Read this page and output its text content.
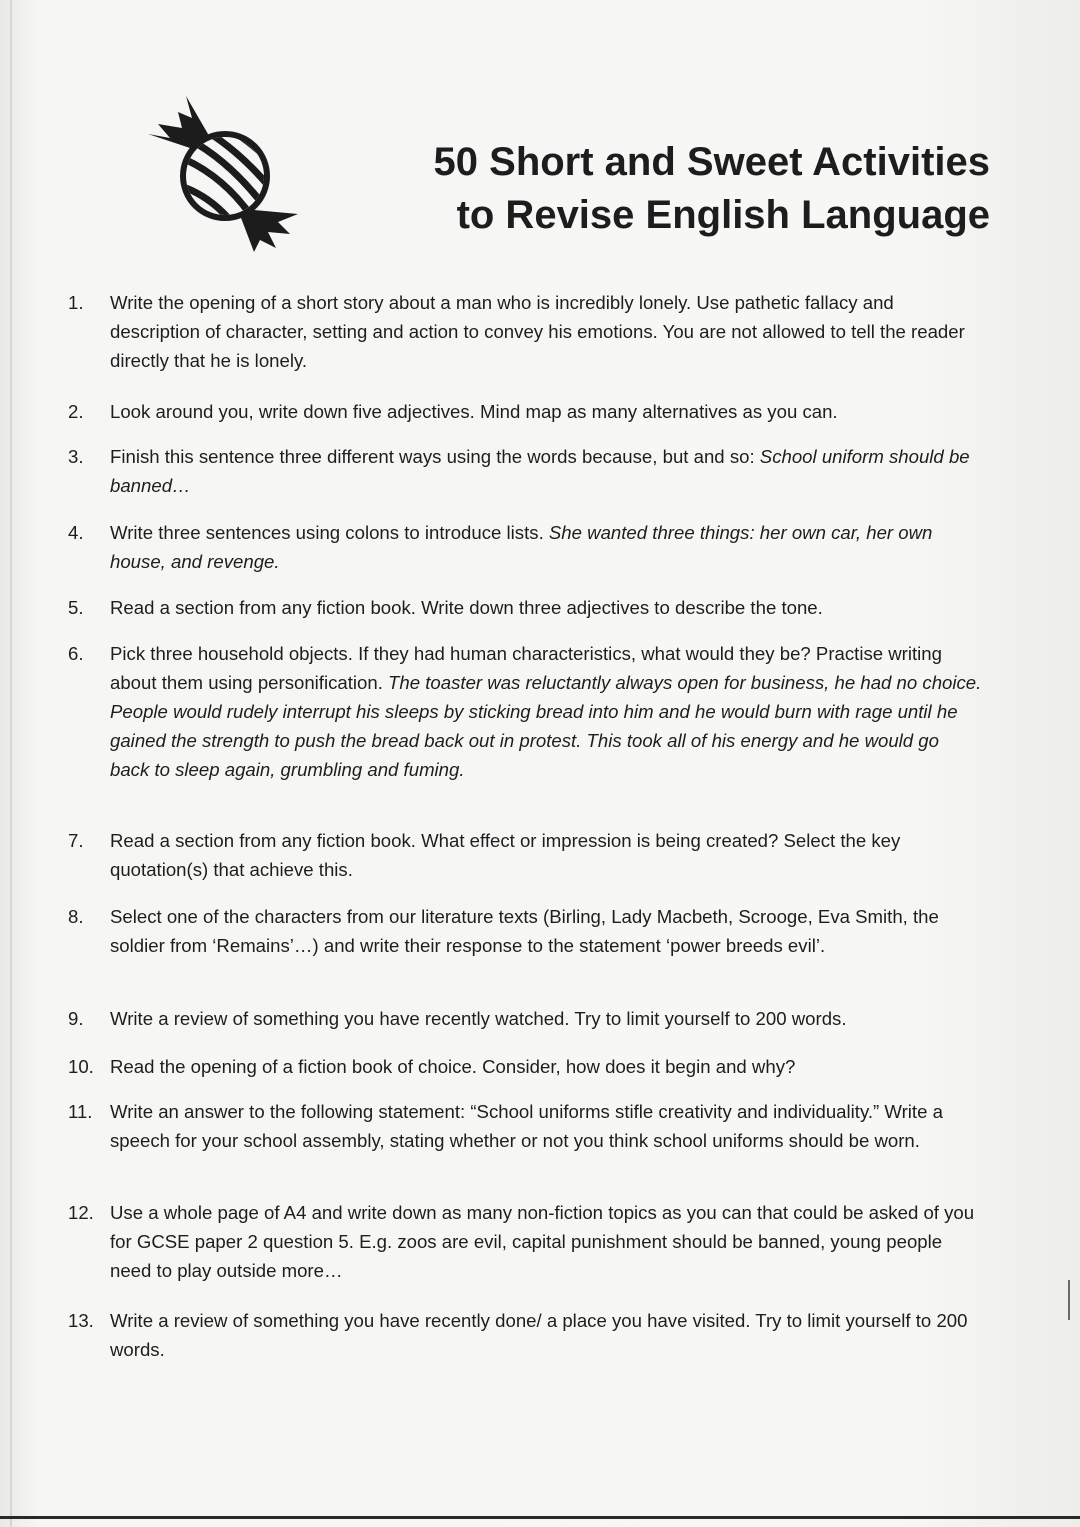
50 Short and Sweet Activities
to Revise English Language
1.	Write the opening of a short story about a man who is incredibly lonely. Use pathetic fallacy and description of character, setting and action to convey his emotions. You are not allowed to tell the reader directly that he is lonely.
2.	Look around you, write down five adjectives. Mind map as many alternatives as you can.
3.	Finish this sentence three different ways using the words because, but and so: School uniform should be banned…
4.	Write three sentences using colons to introduce lists. She wanted three things: her own car, her own house, and revenge.
5.	Read a section from any fiction book. Write down three adjectives to describe the tone.
6.	Pick three household objects. If they had human characteristics, what would they be? Practise writing about them using personification. The toaster was reluctantly always open for business, he had no choice. People would rudely interrupt his sleeps by sticking bread into him and he would burn with rage until he gained the strength to push the bread back out in protest. This took all of his energy and he would go back to sleep again, grumbling and fuming.
7.	Read a section from any fiction book. What effect or impression is being created? Select the key quotation(s) that achieve this.
8.	Select one of the characters from our literature texts (Birling, Lady Macbeth, Scrooge, Eva Smith, the soldier from ‘Remains’…) and write their response to the statement ‘power breeds evil’.
9.	Write a review of something you have recently watched. Try to limit yourself to 200 words.
10. Read the opening of a fiction book of choice. Consider, how does it begin and why?
11. Write an answer to the following statement: “School uniforms stifle creativity and individuality.” Write a speech for your school assembly, stating whether or not you think school uniforms should be worn.
12. Use a whole page of A4 and write down as many non-fiction topics as you can that could be asked of you for GCSE paper 2 question 5. E.g. zoos are evil, capital punishment should be banned, young people need to play outside more…
13. Write a review of something you have recently done/ a place you have visited. Try to limit yourself to 200 words.
